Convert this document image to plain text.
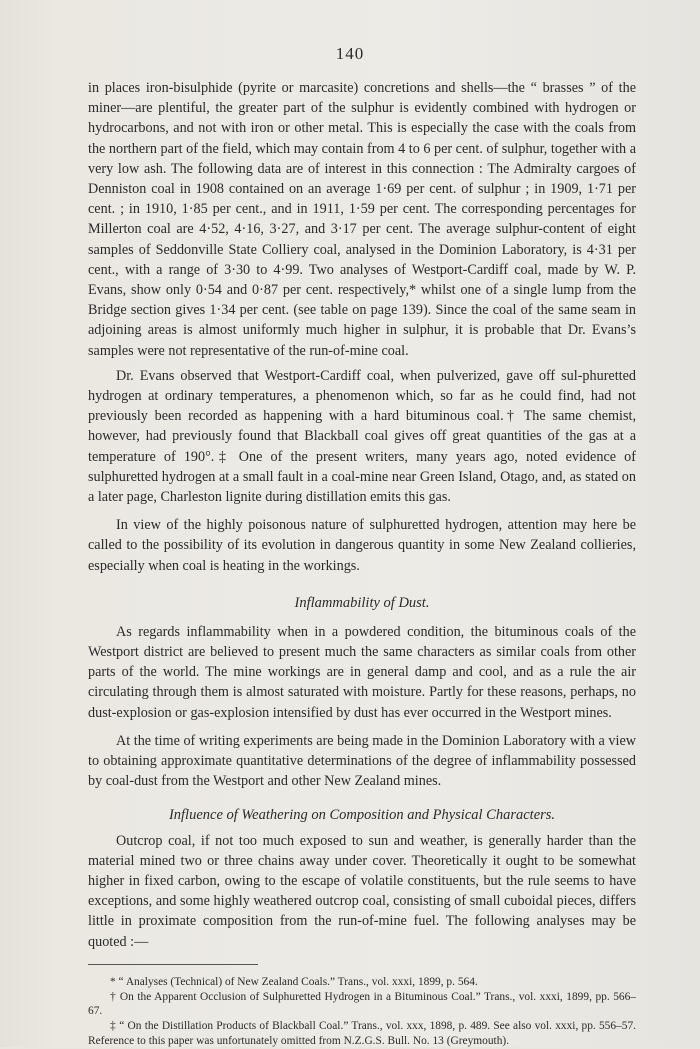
140

in places iron-bisulphide (pyrite or marcasite) concretions and shells—the “ brasses ” of the miner—are plentiful, the greater part of the sulphur is evidently combined with hydrogen or hydrocarbons, and not with iron or other metal. This is especially the case with the coals from the northern part of the field, which may contain from 4 to 6 per cent. of sulphur, together with a very low ash. The following data are of interest in this connection : The Admiralty cargoes of Denniston coal in 1908 contained on an average 1·69 per cent. of sulphur ; in 1909, 1·71 per cent. ; in 1910, 1·85 per cent., and in 1911, 1·59 per cent. The corresponding percentages for Millerton coal are 4·52, 4·16, 3·27, and 3·17 per cent. The average sulphur-content of eight samples of Seddonville State Colliery coal, analysed in the Dominion Laboratory, is 4·31 per cent., with a range of 3·30 to 4·99. Two analyses of Westport-Cardiff coal, made by W. P. Evans, show only 0·54 and 0·87 per cent. respectively,* whilst one of a single lump from the Bridge section gives 1·34 per cent. (see table on page 139). Since the coal of the same seam in adjoining areas is almost uniformly much higher in sulphur, it is probable that Dr. Evans’s samples were not representative of the run-of-mine coal.

Dr. Evans observed that Westport-Cardiff coal, when pulverized, gave off sul-phuretted hydrogen at ordinary temperatures, a phenomenon which, so far as he could find, had not previously been recorded as happening with a hard bituminous coal.† The same chemist, however, had previously found that Blackball coal gives off great quantities of the gas at a temperature of 190°.‡ One of the present writers, many years ago, noted evidence of sulphuretted hydrogen at a small fault in a coal-mine near Green Island, Otago, and, as stated on a later page, Charleston lignite during distillation emits this gas.

In view of the highly poisonous nature of sulphuretted hydrogen, attention may here be called to the possibility of its evolution in dangerous quantity in some New Zealand collieries, especially when coal is heating in the workings.

Inflammability of Dust.

As regards inflammability when in a powdered condition, the bituminous coals of the Westport district are believed to present much the same characters as similar coals from other parts of the world. The mine workings are in general damp and cool, and as a rule the air circulating through them is almost saturated with moisture. Partly for these reasons, perhaps, no dust-explosion or gas-explosion intensified by dust has ever occurred in the Westport mines.

At the time of writing experiments are being made in the Dominion Laboratory with a view to obtaining approximate quantitative determinations of the degree of inflammability possessed by coal-dust from the Westport and other New Zealand mines.

Influence of Weathering on Composition and Physical Characters.

Outcrop coal, if not too much exposed to sun and weather, is generally harder than the material mined two or three chains away under cover. Theoretically it ought to be somewhat higher in fixed carbon, owing to the escape of volatile constituents, but the rule seems to have exceptions, and some highly weathered outcrop coal, consisting of small cuboidal pieces, differs little in proximate composition from the run-of-mine fuel. The following analyses may be quoted :—

* “ Analyses (Technical) of New Zealand Coals.” Trans., vol. xxxi, 1899, p. 564.

† On the Apparent Occlusion of Sulphuretted Hydrogen in a Bituminous Coal.” Trans., vol. xxxi, 1899, pp. 566–67.

‡ “ On the Distillation Products of Blackball Coal.” Trans., vol. xxx, 1898, p. 489. See also vol. xxxi, pp. 556–57. Reference to this paper was unfortunately omitted from N.Z.G.S. Bull. No. 13 (Greymouth).
